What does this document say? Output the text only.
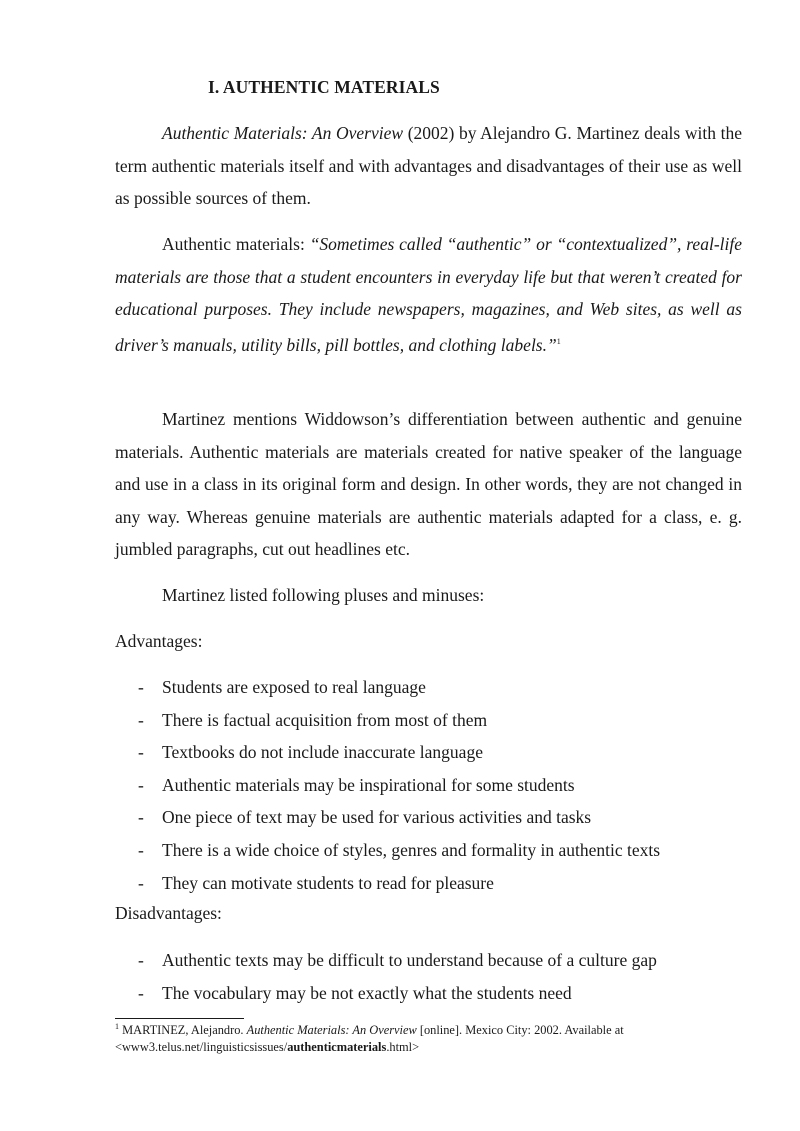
I. AUTHENTIC MATERIALS

Authentic Materials: An Overview (2002) by Alejandro G. Martinez deals with the term authentic materials itself and with advantages and disadvantages of their use as well as possible sources of them.

Authentic materials: “Sometimes called “authentic” or “contextualized”, real-life materials are those that a student encounters in everyday life but that weren’t created for educational purposes. They include newspapers, magazines, and Web sites, as well as driver’s manuals, utility bills, pill bottles, and clothing labels.”$^1$

Martinez mentions Widdowson’s differentiation between authentic and genuine materials. Authentic materials are materials created for native speaker of the language and use in a class in its original form and design. In other words, they are not changed in any way. Whereas genuine materials are authentic materials adapted for a class, e. g. jumbled paragraphs, cut out headlines etc.

Martinez listed following pluses and minuses:

Advantages:
- Students are exposed to real language
- There is factual acquisition from most of them
- Textbooks do not include inaccurate language
- Authentic materials may be inspirational for some students
- One piece of text may be used for various activities and tasks
- There is a wide choice of styles, genres and formality in authentic texts
- They can motivate students to read for pleasure
Disadvantages:
- Authentic texts may be difficult to understand because of a culture gap
- The vocabulary may be not exactly what the students need
$^1$ MARTINEZ, Alejandro. Authentic Materials: An Overview [online]. Mexico City: 2002. Available at
<www3.telus.net/linguisticsissues/authenticmaterials.html>
